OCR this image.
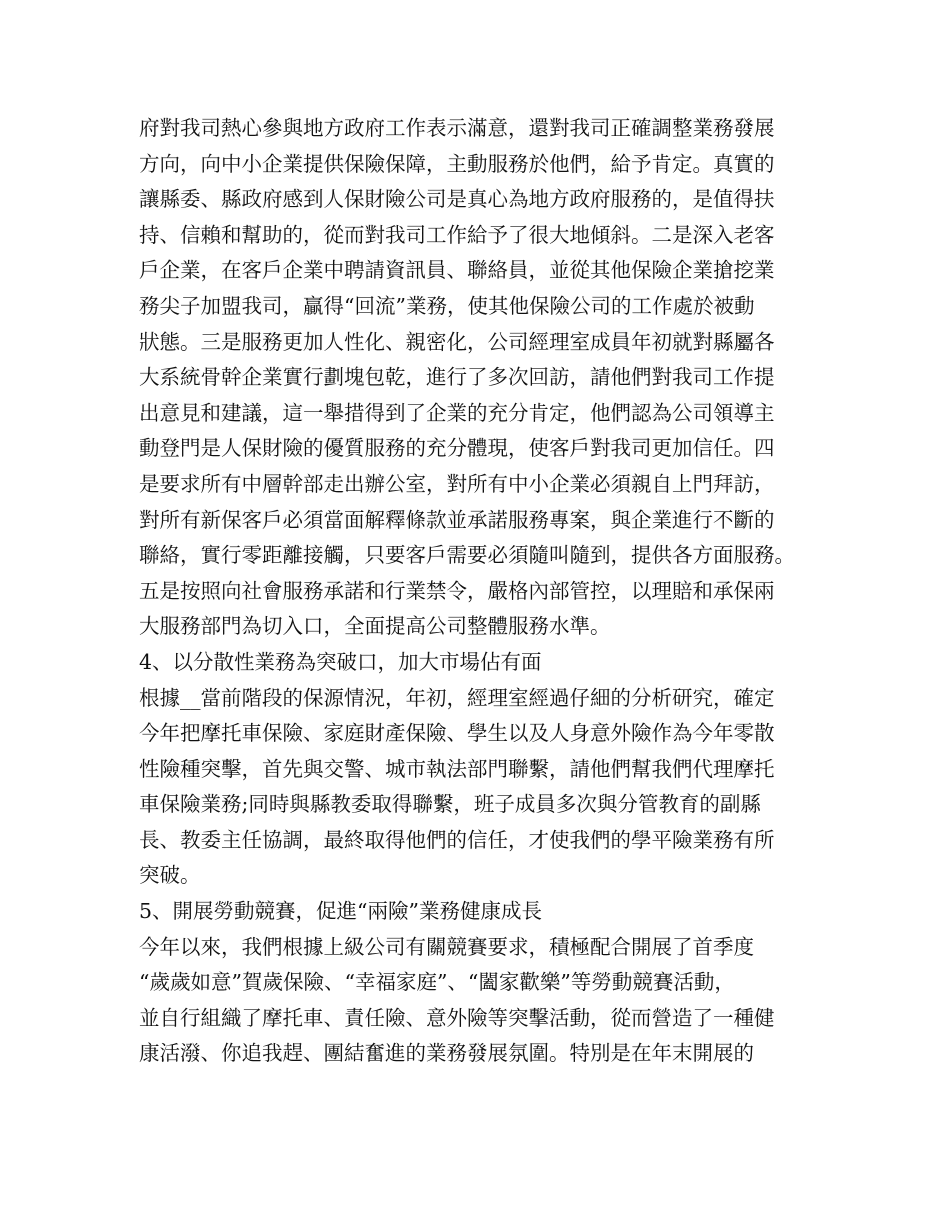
府對我司熱心參與地方政府工作表示滿意，還對我司正確調整業務發展
方向，向中小企業提供保險保障，主動服務於他們，給予肯定。真實的
讓縣委、縣政府感到人保財險公司是真心為地方政府服務的，是值得扶
持、信賴和幫助的，從而對我司工作給予了很大地傾斜。二是深入老客
戶企業，在客戶企業中聘請資訊員、聯絡員，並從其他保險企業搶挖業
務尖子加盟我司，贏得“回流”業務，使其他保險公司的工作處於被動
狀態。三是服務更加人性化、親密化，公司經理室成員年初就對縣屬各
大系統骨幹企業實行劃塊包乾，進行了多次回訪，請他們對我司工作提
出意見和建議，這一舉措得到了企業的充分肯定，他們認為公司領導主
動登門是人保財險的優質服務的充分體現，使客戶對我司更加信任。四
是要求所有中層幹部走出辦公室，對所有中小企業必須親自上門拜訪，
對所有新保客戶必須當面解釋條款並承諾服務專案，與企業進行不斷的
聯絡，實行零距離接觸，只要客戶需要必須隨叫隨到，提供各方面服務。
五是按照向社會服務承諾和行業禁令，嚴格內部管控，以理賠和承保兩
大服務部門為切入口，全面提高公司整體服務水準。
4、以分散性業務為突破口，加大市場佔有面
根據__當前階段的保源情況，年初，經理室經過仔細的分析研究，確定
今年把摩托車保險、家庭財產保險、學生以及人身意外險作為今年零散
性險種突擊，首先與交警、城市執法部門聯繫，請他們幫我們代理摩托
車保險業務;同時與縣教委取得聯繫，班子成員多次與分管教育的副縣
長、教委主任協調，最終取得他們的信任，才使我們的學平險業務有所
突破。
5、開展勞動競賽，促進“兩險”業務健康成長
今年以來，我們根據上級公司有關競賽要求，積極配合開展了首季度
“歲歲如意”賀歲保險、“幸福家庭”、“闔家歡樂”等勞動競賽活動，
並自行組織了摩托車、責任險、意外險等突擊活動，從而營造了一種健
康活潑、你追我趕、團結奮進的業務發展氛圍。特別是在年末開展的
